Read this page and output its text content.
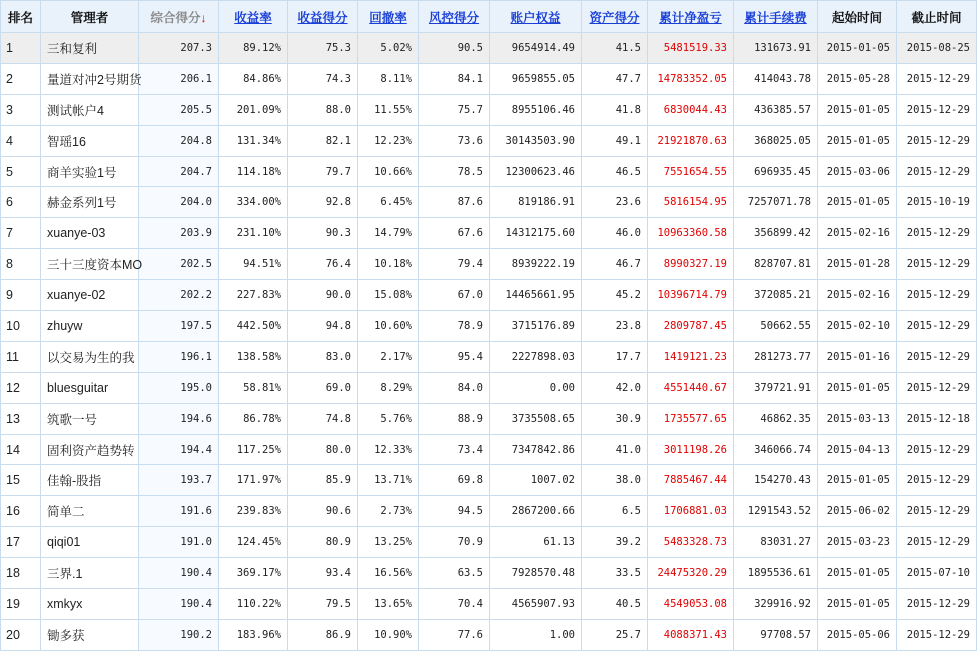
排名	管理者	综合得分↓	收益率	收益得分	回撤率	风控得分	账户权益	资产得分	累计净盈亏	累计手续费	起始时间	截止时间
1	三和复利	207.3	89.12%	75.3	5.02%	90.5	9654914.49	41.5	5481519.33	131673.91	2015-01-05	2015-08-25
2	量道对冲2号期货	206.1	84.86%	74.3	8.11%	84.1	9659855.05	47.7	14783352.05	414043.78	2015-05-28	2015-12-29
3	测试帐户4	205.5	201.09%	88.0	11.55%	75.7	8955106.46	41.8	6830044.43	436385.57	2015-01-05	2015-12-29
4	智瑶16	204.8	131.34%	82.1	12.23%	73.6	30143503.90	49.1	21921870.63	368025.05	2015-01-05	2015-12-29
5	商羊实验1号	204.7	114.18%	79.7	10.66%	78.5	12300623.46	46.5	7551654.55	696935.45	2015-03-06	2015-12-29
6	赫金系列1号	204.0	334.00%	92.8	6.45%	87.6	819186.91	23.6	5816154.95	7257071.78	2015-01-05	2015-10-19
7	xuanye-03	203.9	231.10%	90.3	14.79%	67.6	14312175.60	46.0	10963360.58	356899.42	2015-02-16	2015-12-29
8	三十三度资本MO	202.5	94.51%	76.4	10.18%	79.4	8939222.19	46.7	8990327.19	828707.81	2015-01-28	2015-12-29
9	xuanye-02	202.2	227.83%	90.0	15.08%	67.0	14465661.95	45.2	10396714.79	372085.21	2015-02-16	2015-12-29
10	zhuyw	197.5	442.50%	94.8	10.60%	78.9	3715176.89	23.8	2809787.45	50662.55	2015-02-10	2015-12-29
11	以交易为生的我	196.1	138.58%	83.0	2.17%	95.4	2227898.03	17.7	1419121.23	281273.77	2015-01-16	2015-12-29
12	bluesguitar	195.0	58.81%	69.0	8.29%	84.0	0.00	42.0	4551440.67	379721.91	2015-01-05	2015-12-29
13	筑歌一号	194.6	86.78%	74.8	5.76%	88.9	3735508.65	30.9	1735577.65	46862.35	2015-03-13	2015-12-18
14	固利资产趋势转	194.4	117.25%	80.0	12.33%	73.4	7347842.86	41.0	3011198.26	346066.74	2015-04-13	2015-12-29
15	佳翰-股指	193.7	171.97%	85.9	13.71%	69.8	1007.02	38.0	7885467.44	154270.43	2015-01-05	2015-12-29
16	简单二	191.6	239.83%	90.6	2.73%	94.5	2867200.66	6.5	1706881.03	1291543.52	2015-06-02	2015-12-29
17	qiqi01	191.0	124.45%	80.9	13.25%	70.9	61.13	39.2	5483328.73	83031.27	2015-03-23	2015-12-29
18	三界.1	190.4	369.17%	93.4	16.56%	63.5	7928570.48	33.5	24475320.29	1895536.61	2015-01-05	2015-07-10
19	xmkyx	190.4	110.22%	79.5	13.65%	70.4	4565907.93	40.5	4549053.08	329916.92	2015-01-05	2015-12-29
20	锄多获	190.2	183.96%	86.9	10.90%	77.6	1.00	25.7	4088371.43	97708.57	2015-05-06	2015-12-29
